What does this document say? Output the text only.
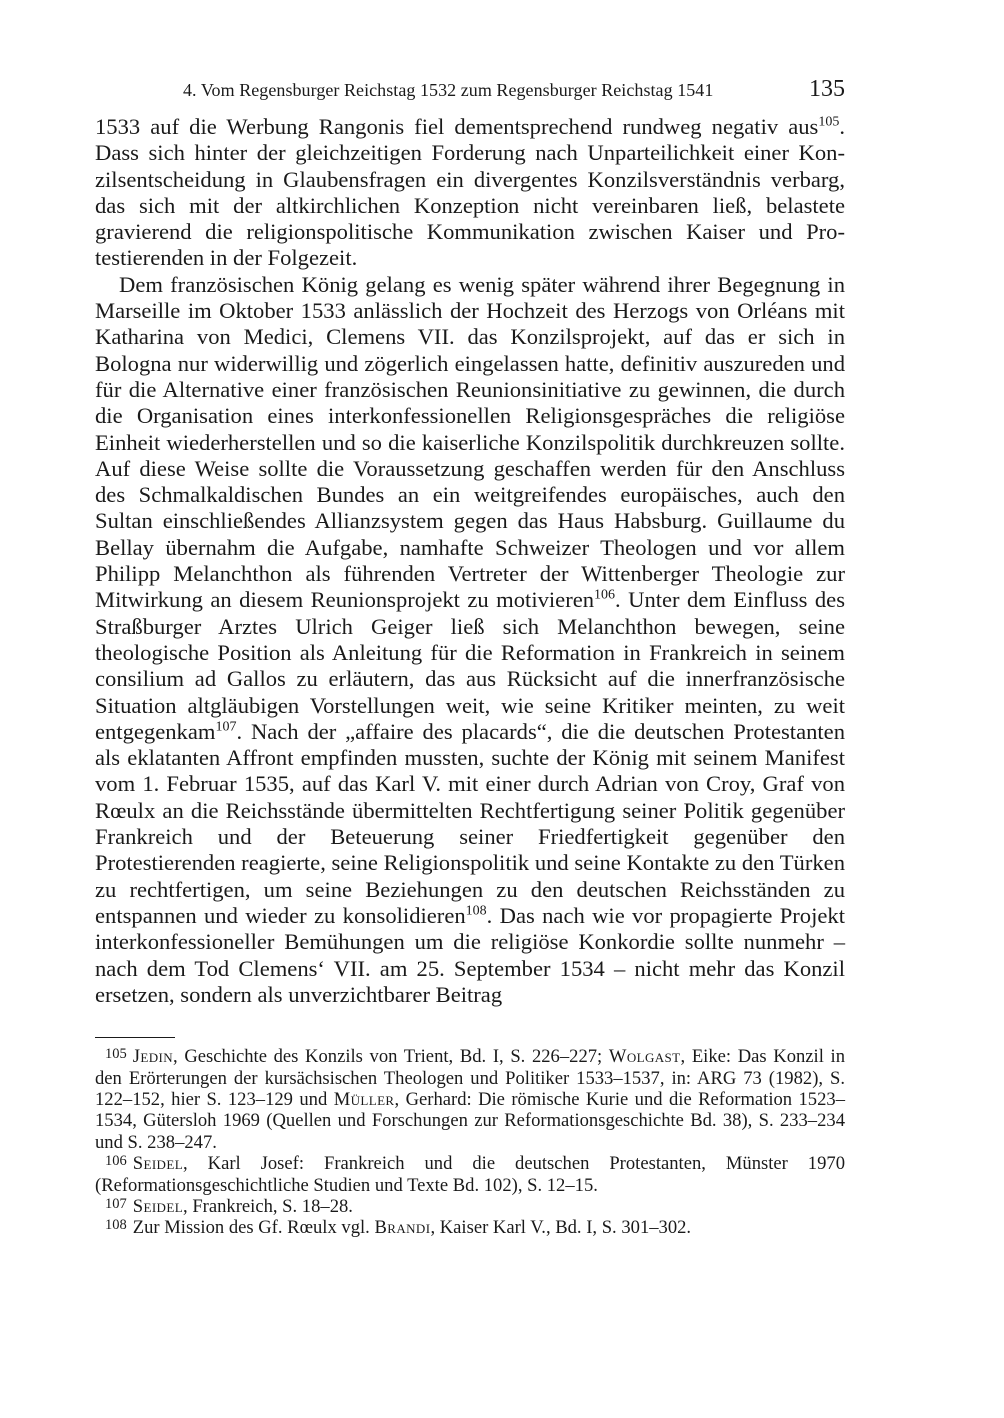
4. Vom Regensburger Reichstag 1532 zum Regensburger Reichstag 1541	135

1533 auf die Werbung Rangonis fiel dementsprechend rundweg negativ aus$^{105}$. Dass sich hinter der gleichzeitigen Forderung nach Unparteilichkeit einer Konzilsentscheidung in Glaubensfragen ein divergentes Konzilsverständnis verbarg, das sich mit der altkirchlichen Konzeption nicht vereinbaren ließ, belastete gravierend die religionspolitische Kommunikation zwischen Kaiser und Protestierenden in der Folgezeit.

Dem französischen König gelang es wenig später während ihrer Begegnung in Marseille im Oktober 1533 anlässlich der Hochzeit des Herzogs von Orléans mit Katharina von Medici, Clemens VII. das Konzilsprojekt, auf das er sich in Bologna nur widerwillig und zögerlich eingelassen hatte, definitiv auszureden und für die Alternative einer französischen Reunionsinitiative zu gewinnen, die durch die Organisation eines interkonfessionellen Religionsgespräches die religiöse Einheit wiederherstellen und so die kaiserliche Konzilspolitik durchkreuzen sollte. Auf diese Weise sollte die Voraussetzung geschaffen werden für den Anschluss des Schmalkaldischen Bundes an ein weitgreifendes europäisches, auch den Sultan einschließendes Allianzsystem gegen das Haus Habsburg. Guillaume du Bellay übernahm die Aufgabe, namhafte Schweizer Theologen und vor allem Philipp Melanchthon als führenden Vertreter der Wittenberger Theologie zur Mitwirkung an diesem Reunionsprojekt zu motivieren$^{106}$. Unter dem Einfluss des Straßburger Arztes Ulrich Geiger ließ sich Melanchthon bewegen, seine theologische Position als Anleitung für die Reformation in Frankreich in seinem consilium ad Gallos zu erläutern, das aus Rücksicht auf die innerfranzösische Situation altgläubigen Vorstellungen weit, wie seine Kritiker meinten, zu weit entgegenkam$^{107}$. Nach der „affaire des placards“, die die deutschen Protestanten als eklatanten Affront empfinden mussten, suchte der König mit seinem Manifest vom 1. Februar 1535, auf das Karl V. mit einer durch Adrian von Croy, Graf von Rœulx an die Reichsstände übermittelten Rechtfertigung seiner Politik gegenüber Frankreich und der Beteuerung seiner Friedfertigkeit gegenüber den Protestierenden reagierte, seine Religionspolitik und seine Kontakte zu den Türken zu rechtfertigen, um seine Beziehungen zu den deutschen Reichsständen zu entspannen und wieder zu konsolidieren$^{108}$. Das nach wie vor propagierte Projekt interkonfessioneller Bemühungen um die religiöse Konkordie sollte nunmehr – nach dem Tod Clemens‘ VII. am 25. September 1534 – nicht mehr das Konzil ersetzen, sondern als unverzichtbarer Beitrag

$^{105}$ Jedin, Geschichte des Konzils von Trient, Bd. I, S. 226–227; Wolgast, Eike: Das Konzil in den Erörterungen der kursächsischen Theologen und Politiker 1533–1537, in: ARG 73 (1982), S. 122–152, hier S. 123–129 und Müller, Gerhard: Die römische Kurie und die Reformation 1523–1534, Gütersloh 1969 (Quellen und Forschungen zur Reformationsgeschichte Bd. 38), S. 233–234 und S. 238–247.

$^{106}$ Seidel, Karl Josef: Frankreich und die deutschen Protestanten, Münster 1970 (Reformationsgeschichtliche Studien und Texte Bd. 102), S. 12–15.

$^{107}$ Seidel, Frankreich, S. 18–28.

$^{108}$ Zur Mission des Gf. Rœulx vgl. Brandi, Kaiser Karl V., Bd. I, S. 301–302.
